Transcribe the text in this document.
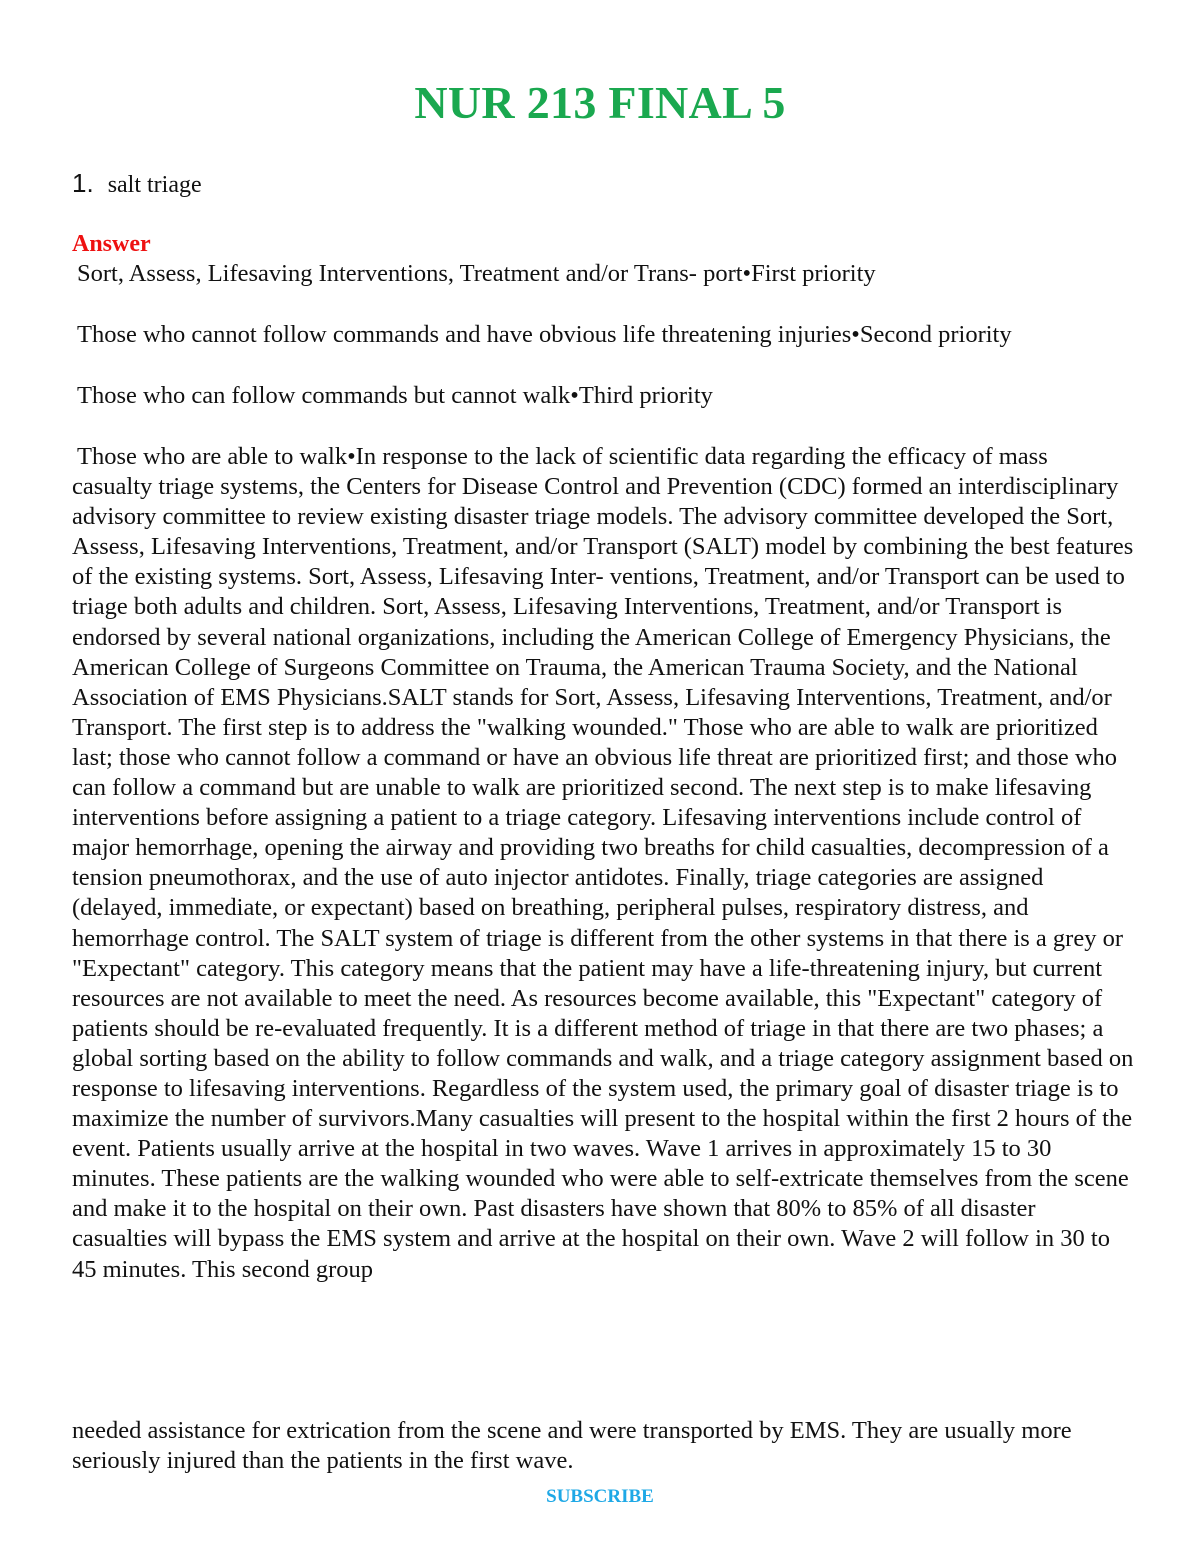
NUR 213 FINAL 5
1. salt triage
Answer
Sort, Assess, Lifesaving Interventions, Treatment and/or Trans- port•First priority
Those who cannot follow commands and have obvious life threatening injuries•Second priority
Those who can follow commands but cannot walk•Third priority
Those who are able to walk•In response to the lack of scientific data regarding the efficacy of mass casualty triage systems, the Centers for Disease Control and Prevention (CDC) formed an interdisciplinary advisory committee to review existing disaster triage models. The advisory committee developed the Sort, Assess, Lifesaving Interventions, Treatment, and/or Transport (SALT) model by combining the best features of the existing systems. Sort, Assess, Lifesaving Inter- ventions, Treatment, and/or Transport can be used to triage both adults and children. Sort, Assess, Lifesaving Interventions, Treatment, and/or Transport is endorsed by several national organizations, including the American College of Emergency Physicians, the American College of Surgeons Committee on Trauma, the American Trauma Society, and the National Association of EMS Physicians.SALT stands for Sort, Assess, Lifesaving Interventions, Treatment, and/or Transport. The first step is to address the "walking wounded." Those who are able to walk are prioritized last; those who cannot follow a command or have an obvious life threat are prioritized first; and those who can follow a command but are unable to walk are prioritized second. The next step is to make lifesaving interventions before assigning a patient to a triage category. Lifesaving interventions include control of major hemorrhage, opening the airway and providing two breaths for child casualties, decompression of a tension pneumothorax, and the use of auto injector antidotes. Finally, triage categories are assigned (delayed, immediate, or expectant) based on breathing, peripheral pulses, respiratory distress, and hemorrhage control. The SALT system of triage is different from the other systems in that there is a grey or "Expectant" category. This category means that the patient may have a life-threatening injury, but current resources are not available to meet the need. As resources become available, this "Expectant" category of patients should be re-evaluated frequently. It is a different method of triage in that there are two phases; a global sorting based on the ability to follow commands and walk, and a triage category assignment based on response to lifesaving interventions. Regardless of the system used, the primary goal of disaster triage is to maximize the number of survivors.Many casualties will present to the hospital within the first 2 hours of the event. Patients usually arrive at the hospital in two waves. Wave 1 arrives in approximately 15 to 30 minutes. These patients are the walking wounded who were able to self-extricate themselves from the scene and make it to the hospital on their own. Past disasters have shown that 80% to 85% of all disaster casualties will bypass the EMS system and arrive at the hospital on their own. Wave 2 will follow in 30 to 45 minutes. This second group
needed assistance for extrication from the scene and were transported by EMS. They are usually more seriously injured than the patients in the first wave.
SUBSCRIBE
